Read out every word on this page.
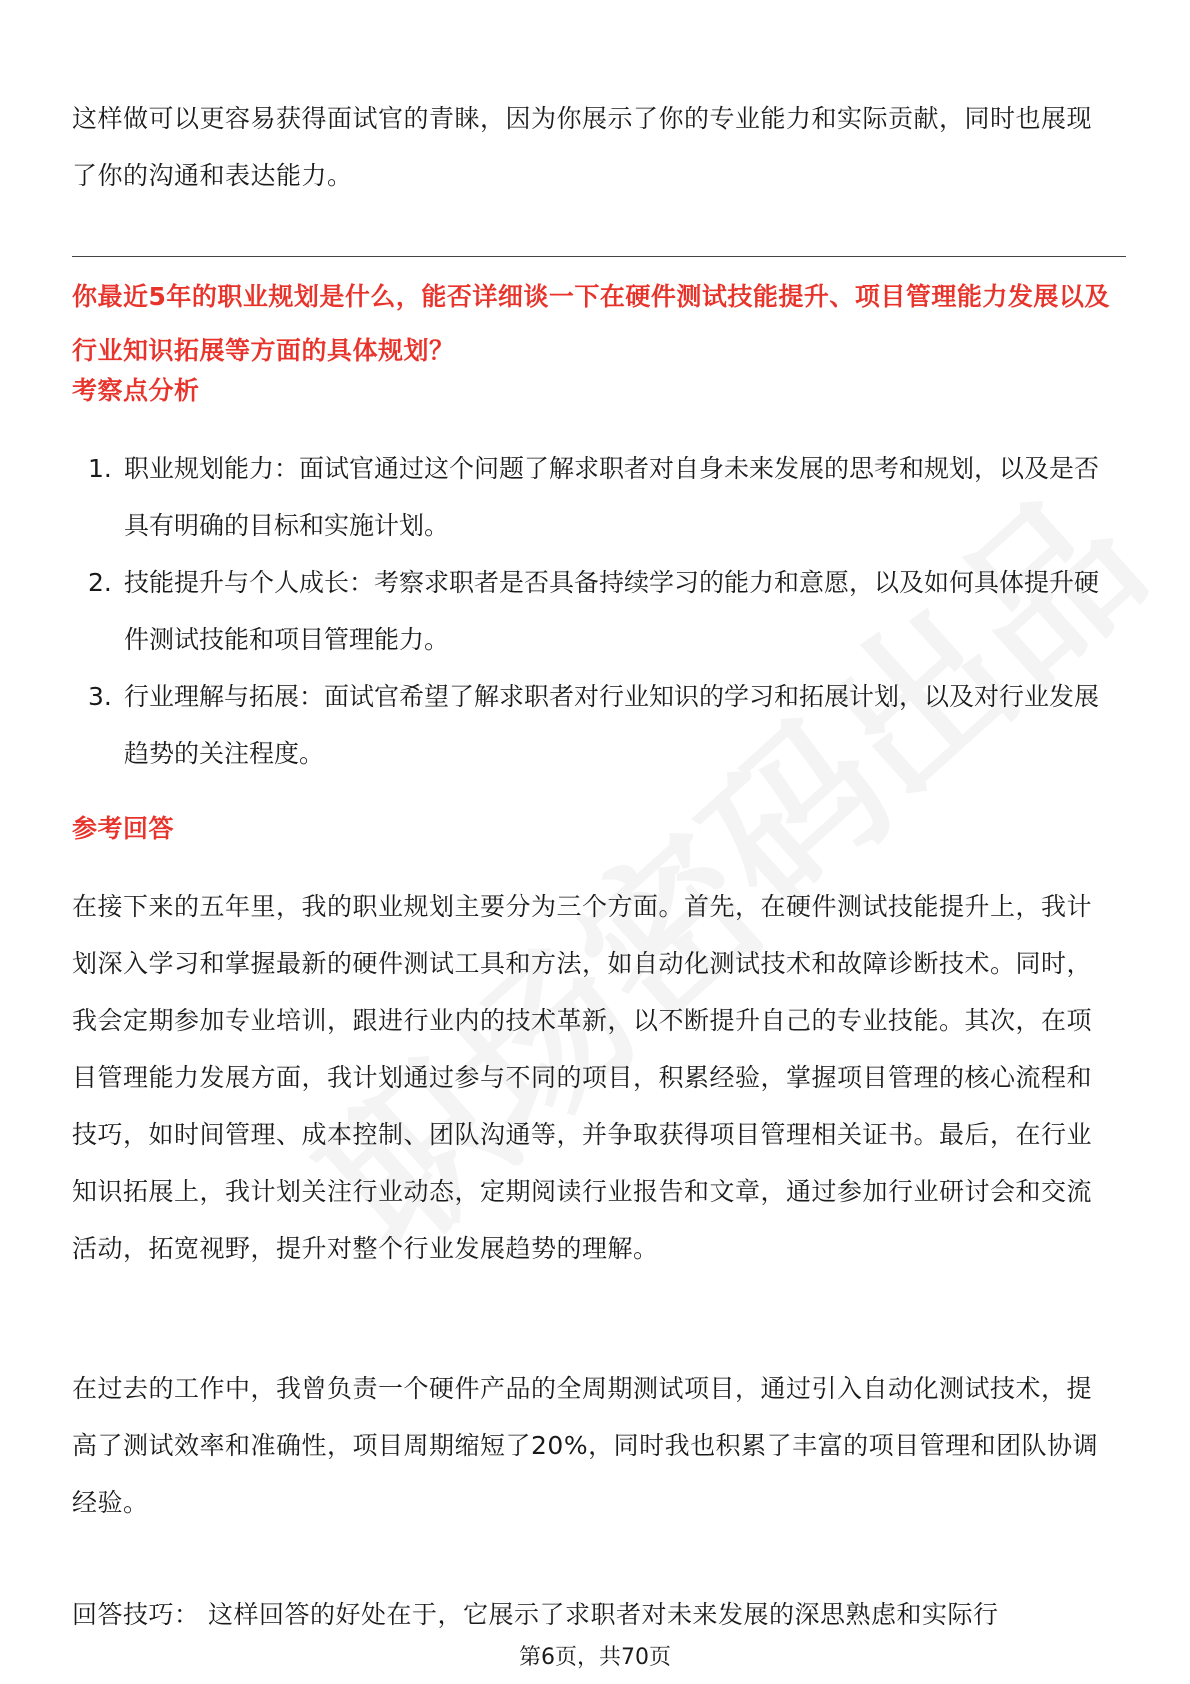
这样做可以更容易获得面试官的青睐，因为你展示了你的专业能力和实际贡献，同时也展现了你的沟通和表达能力。

你最近5年的职业规划是什么，能否详细谈一下在硬件测试技能提升、项目管理能力发展以及行业知识拓展等方面的具体规划？

考察点分析

1. 职业规划能力：面试官通过这个问题了解求职者对自身未来发展的思考和规划，以及是否具有明确的目标和实施计划。
2. 技能提升与个人成长：考察求职者是否具备持续学习的能力和意愿，以及如何具体提升硬件测试技能和项目管理能力。
3. 行业理解与拓展：面试官希望了解求职者对行业知识的学习和拓展计划，以及对行业发展趋势的关注程度。

参考回答

在接下来的五年里，我的职业规划主要分为三个方面。首先，在硬件测试技能提升上，我计划深入学习和掌握最新的硬件测试工具和方法，如自动化测试技术和故障诊断技术。同时，我会定期参加专业培训，跟进行业内的技术革新，以不断提升自己的专业技能。其次，在项目管理能力发展方面，我计划通过参与不同的项目，积累经验，掌握项目管理的核心流程和技巧，如时间管理、成本控制、团队沟通等，并争取获得项目管理相关证书。最后，在行业知识拓展上，我计划关注行业动态，定期阅读行业报告和文章，通过参加行业研讨会和交流活动，拓宽视野，提升对整个行业发展趋势的理解。

在过去的工作中，我曾负责一个硬件产品的全周期测试项目，通过引入自动化测试技术，提高了测试效率和准确性，项目周期缩短了20%，同时我也积累了丰富的项目管理和团队协调经验。

回答技巧： 这样回答的好处在于，它展示了求职者对未来发展的深思熟虑和实际行

第6页，共70页
